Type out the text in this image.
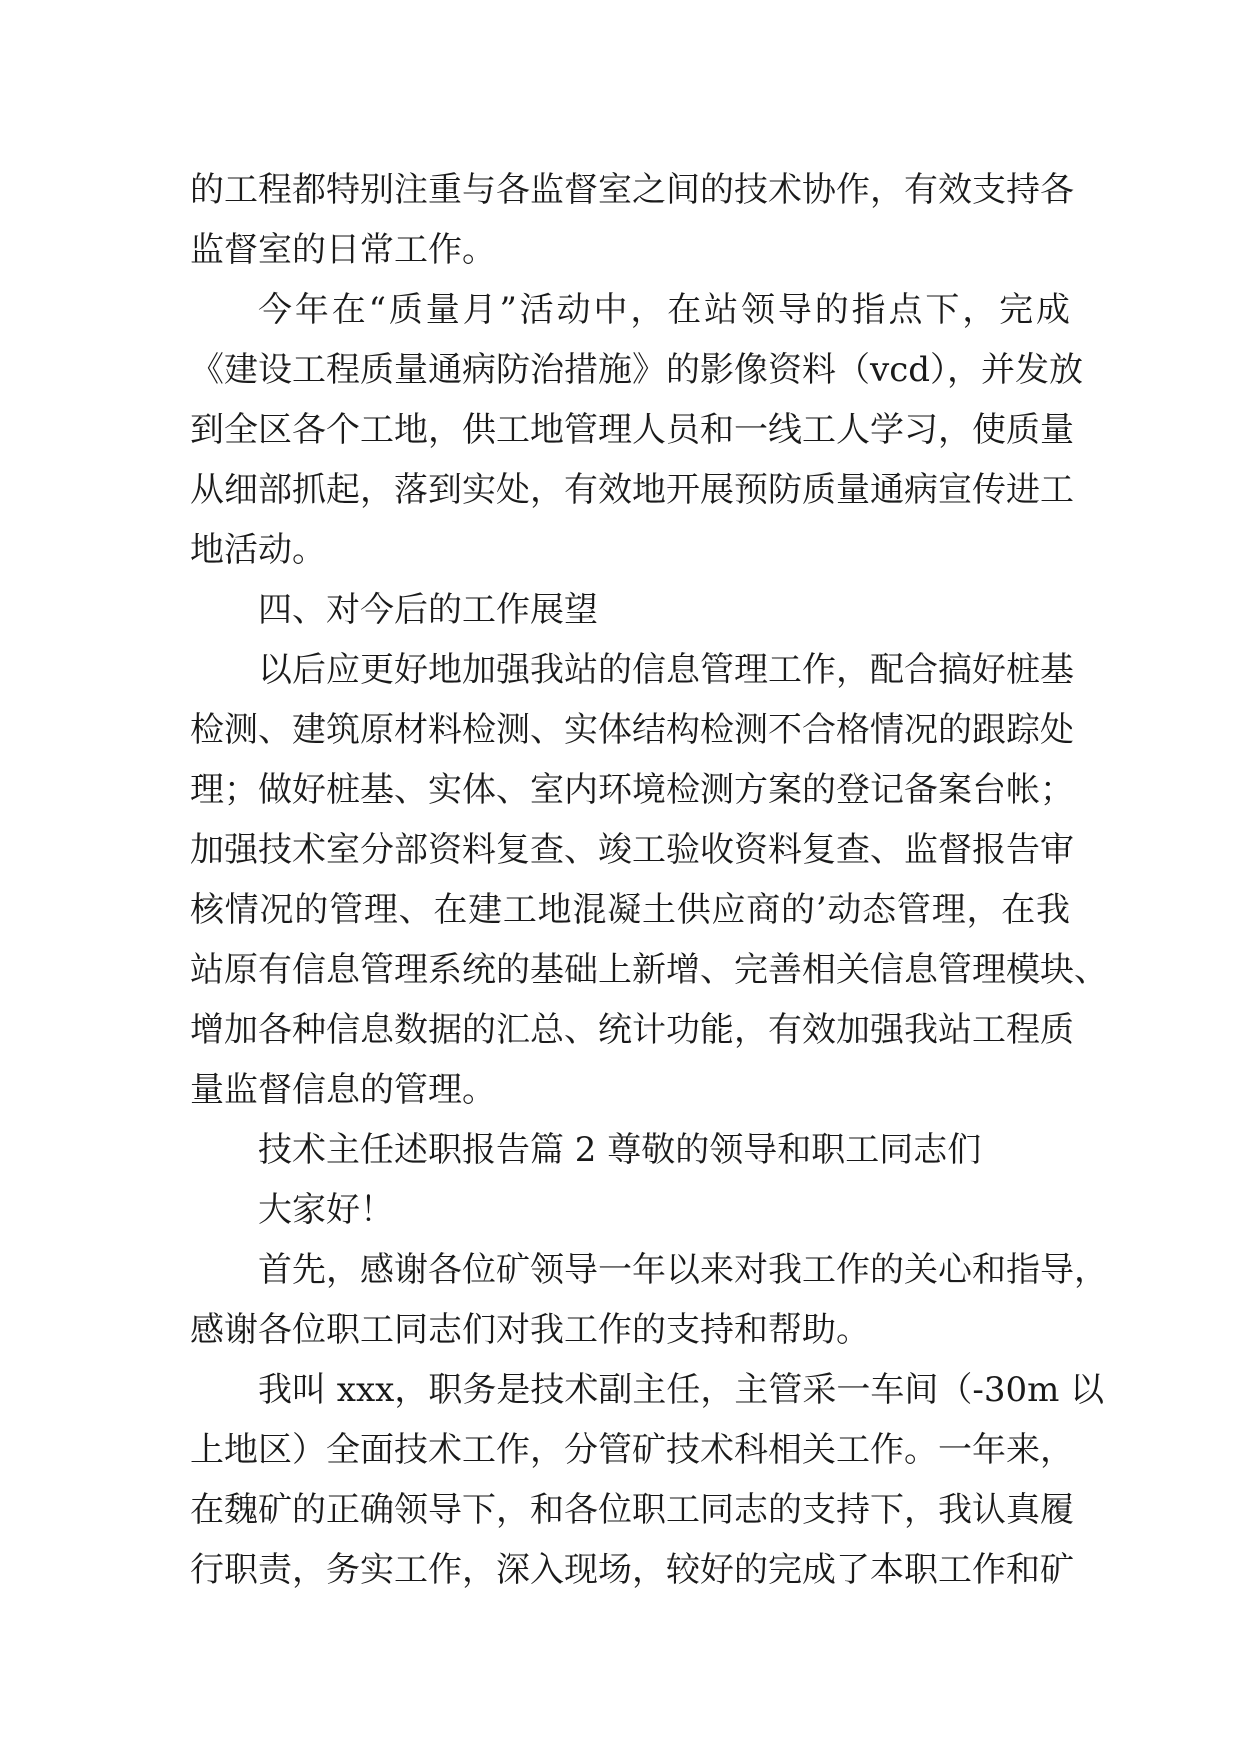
的工程都特别注重与各监督室之间的技术协作，有效支持各
监督室的日常工作。
今年在“质量月”活动中，在站领导的指点下，完成
《建设工程质量通病防治措施》的影像资料（vcd），并发放
到全区各个工地，供工地管理人员和一线工人学习，使质量
从细部抓起，落到实处，有效地开展预防质量通病宣传进工
地活动。
四、对今后的工作展望
以后应更好地加强我站的信息管理工作，配合搞好桩基
检测、建筑原材料检测、实体结构检测不合格情况的跟踪处
理；做好桩基、实体、室内环境检测方案的登记备案台帐；
加强技术室分部资料复查、竣工验收资料复查、监督报告审
核情况的管理、在建工地混凝土供应商的’动态管理，在我
站原有信息管理系统的基础上新增、完善相关信息管理模块、
增加各种信息数据的汇总、统计功能，有效加强我站工程质
量监督信息的管理。
技术主任述职报告篇 2 尊敬的领导和职工同志们
大家好！
首先，感谢各位矿领导一年以来对我工作的关心和指导，
感谢各位职工同志们对我工作的支持和帮助。
我叫 xxx，职务是技术副主任，主管采一车间（-30m 以
上地区）全面技术工作，分管矿技术科相关工作。一年来，
在魏矿的正确领导下，和各位职工同志的支持下，我认真履
行职责，务实工作，深入现场，较好的完成了本职工作和矿
